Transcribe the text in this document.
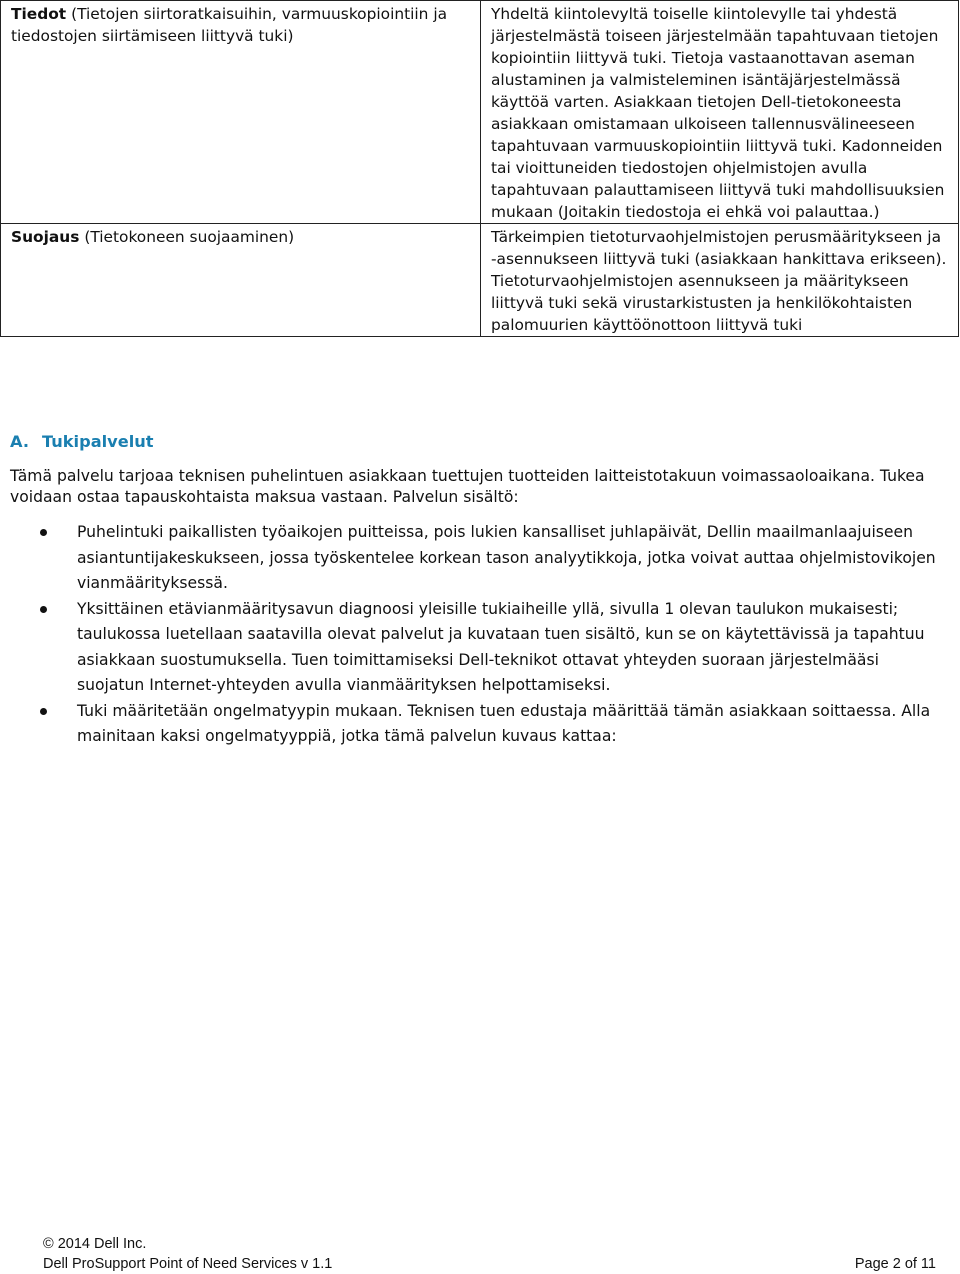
Tiedot (Tietojen siirtoratkaisuihin, varmuuskopiointiin ja tiedostojen siirtämiseen liittyvä tuki)	Yhdeltä kiintolevyltä toiselle kiintolevylle tai yhdestä järjestelmästä toiseen järjestelmään tapahtuvaan tietojen kopiointiin liittyvä tuki. Tietoja vastaanottavan aseman alustaminen ja valmisteleminen isäntäjärjestelmässä käyttöä varten. Asiakkaan tietojen Dell-tietokoneesta asiakkaan omistamaan ulkoiseen tallennusvälineeseen tapahtuvaan varmuuskopiointiin liittyvä tuki. Kadonneiden tai vioittuneiden tiedostojen ohjelmistojen avulla tapahtuvaan palauttamiseen liittyvä tuki mahdollisuuksien mukaan (Joitakin tiedostoja ei ehkä voi palauttaa.)
Suojaus (Tietokoneen suojaaminen)	Tärkeimpien tietoturvaohjelmistojen perusmääritykseen ja -asennukseen liittyvä tuki (asiakkaan hankittava erikseen). Tietoturvaohjelmistojen asennukseen ja määritykseen liittyvä tuki sekä virustarkistusten ja henkilökohtaisten palomuurien käyttöönottoon liittyvä tuki
A. Tukipalvelut

Tämä palvelu tarjoaa teknisen puhelintuen asiakkaan tuettujen tuotteiden laitteistotakuun voimassaoloaikana. Tukea voidaan ostaa tapauskohtaista maksua vastaan. Palvelun sisältö:

Puhelintuki paikallisten työaikojen puitteissa, pois lukien kansalliset juhlapäivät, Dellin maailmanlaajuiseen asiantuntijakeskukseen, jossa työskentelee korkean tason analyytikkoja, jotka voivat auttaa ohjelmistovikojen vianmäärityksessä.
Yksittäinen etävianmääritysavun diagnoosi yleisille tukiaiheille yllä, sivulla 1 olevan taulukon mukaisesti; taulukossa luetellaan saatavilla olevat palvelut ja kuvataan tuen sisältö, kun se on käytettävissä ja tapahtuu asiakkaan suostumuksella. Tuen toimittamiseksi Dell-teknikot ottavat yhteyden suoraan järjestelmääsi suojatun Internet-yhteyden avulla vianmäärityksen helpottamiseksi.
Tuki määritetään ongelmatyypin mukaan. Teknisen tuen edustaja määrittää tämän asiakkaan soittaessa. Alla mainitaan kaksi ongelmatyyppiä, jotka tämä palvelun kuvaus kattaa:
© 2014 Dell Inc.
Dell ProSupport Point of Need Services v 1.1	Page 2 of 11
